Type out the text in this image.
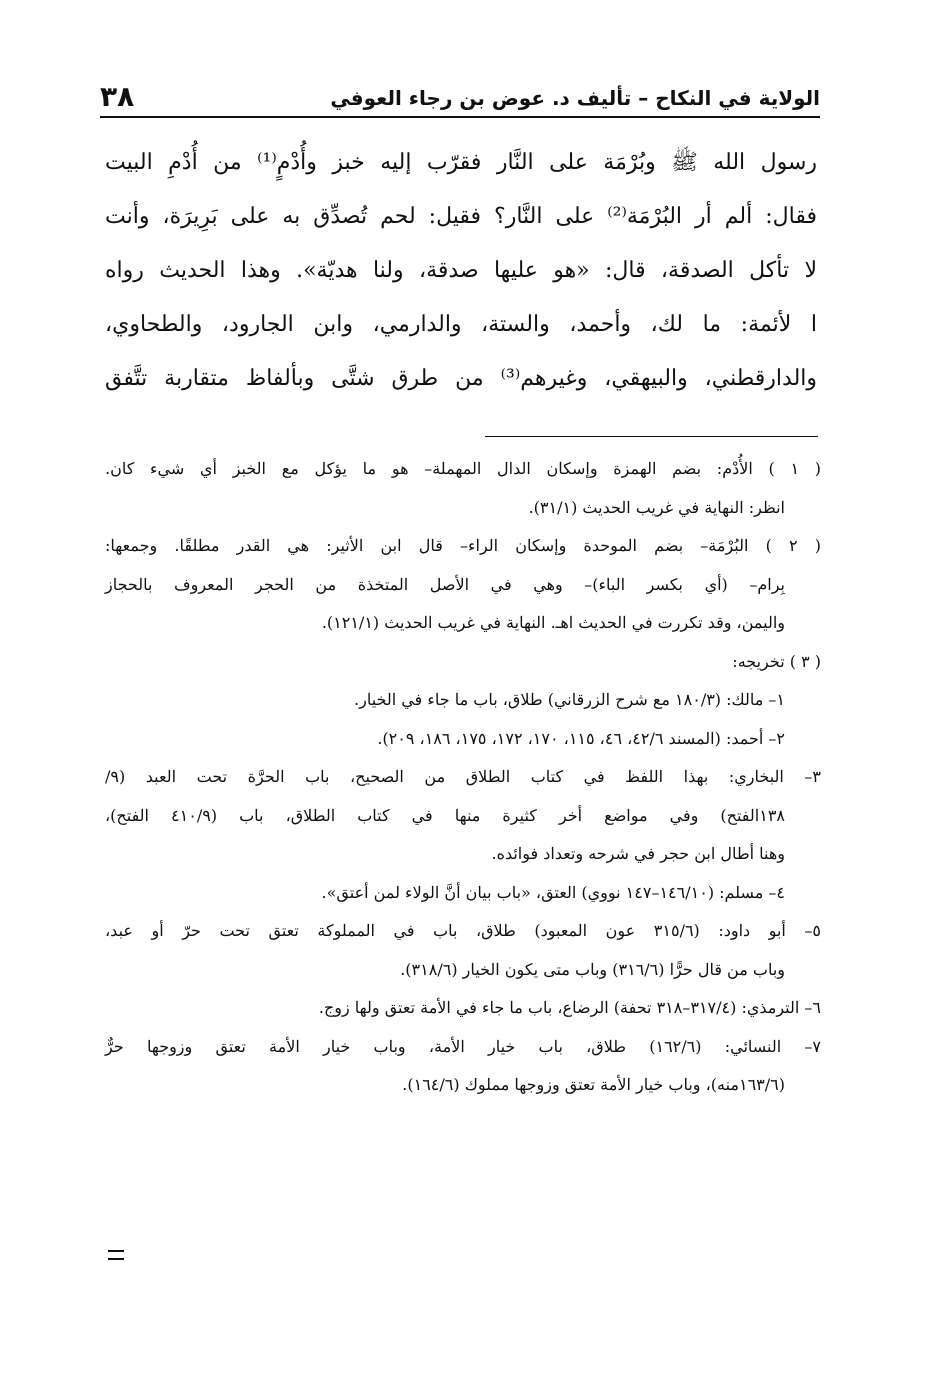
الولاية في النكاح – تأليف د. عوض بن رجاء العوفي
٣٨
رسول الله ﷺ وبُرْمَة على النَّار فقرّب إليه خبز وأُدْمٍ⁽¹⁾ من أُدْمِ البيت
فقال: ألم أر البُرْمَة⁽²⁾ على النَّار؟ فقيل: لحم تُصدِّق به على بَرِيرَة، وأنت
لا تأكل الصدقة، قال: «هو عليها صدقة، ولنا هديّة». وهذا الحديث رواه
ا لأئمة: ما لك، وأحمد، والستة، والدارمي، وابن الجارود، والطحاوي،
والدارقطني، والبيهقي، وغيرهم⁽³⁾ من طرق شتَّى وبألفاظ متقاربة تتَّفق
( ١ ) الأُدْم: بضم الهمزة وإسكان الدال المهملة– هو ما يؤكل مع الخبز أي شيء كان.
انظر: النهاية في غريب الحديث (٣١/١).
( ٢ ) البُرْمَة– بضم الموحدة وإسكان الراء– قال ابن الأثير: هي القدر مطلقًا. وجمعها:
بِرام– (أي بكسر الباء)– وهي في الأصل المتخذة من الحجر المعروف بالحجاز
واليمن، وقد تكررت في الحديث اهـ. النهاية في غريب الحديث (١٢١/١).
( ٣ ) تخريجه:
١– مالك: (١٨٠/٣ مع شرح الزرقاني) طلاق، باب ما جاء في الخيار.
٢– أحمد: (المسند ٤٢/٦، ٤٦، ١١٥، ١٧٠، ١٧٢، ١٧٥، ١٨٦، ٢٠٩).
٣– البخاري: بهذا اللفظ في كتاب الطلاق من الصحيح، باب الحرَّة تحت العبد (٩/
١٣٨الفتح) وفي مواضع أخر كثيرة منها في كتاب الطلاق، باب (٤١٠/٩ الفتح)،
وهنا أطال ابن حجر في شرحه وتعداد فوائده.
٤– مسلم: (١٤٦/١٠–١٤٧ نووي) العتق، «باب بيان أنَّ الولاء لمن أعتق».
٥– أبو داود: (٣١٥/٦ عون المعبود) طلاق، باب في المملوكة تعتق تحت حرّ أو عبد،
وباب من قال حرًّا (٣١٦/٦) وباب متى يكون الخيار (٣١٨/٦).
٦– الترمذي: (٣١٧/٤–٣١٨ تحفة) الرضاع، باب ما جاء في الأمة تعتق ولها زوج.
٧– النسائي: (١٦٢/٦) طلاق، باب خيار الأمة، وباب خيار الأمة تعتق وزوجها حرٌّ
(١٦٣/٦منه)، وباب خيار الأمة تعتق وزوجها مملوك (١٦٤/٦).
